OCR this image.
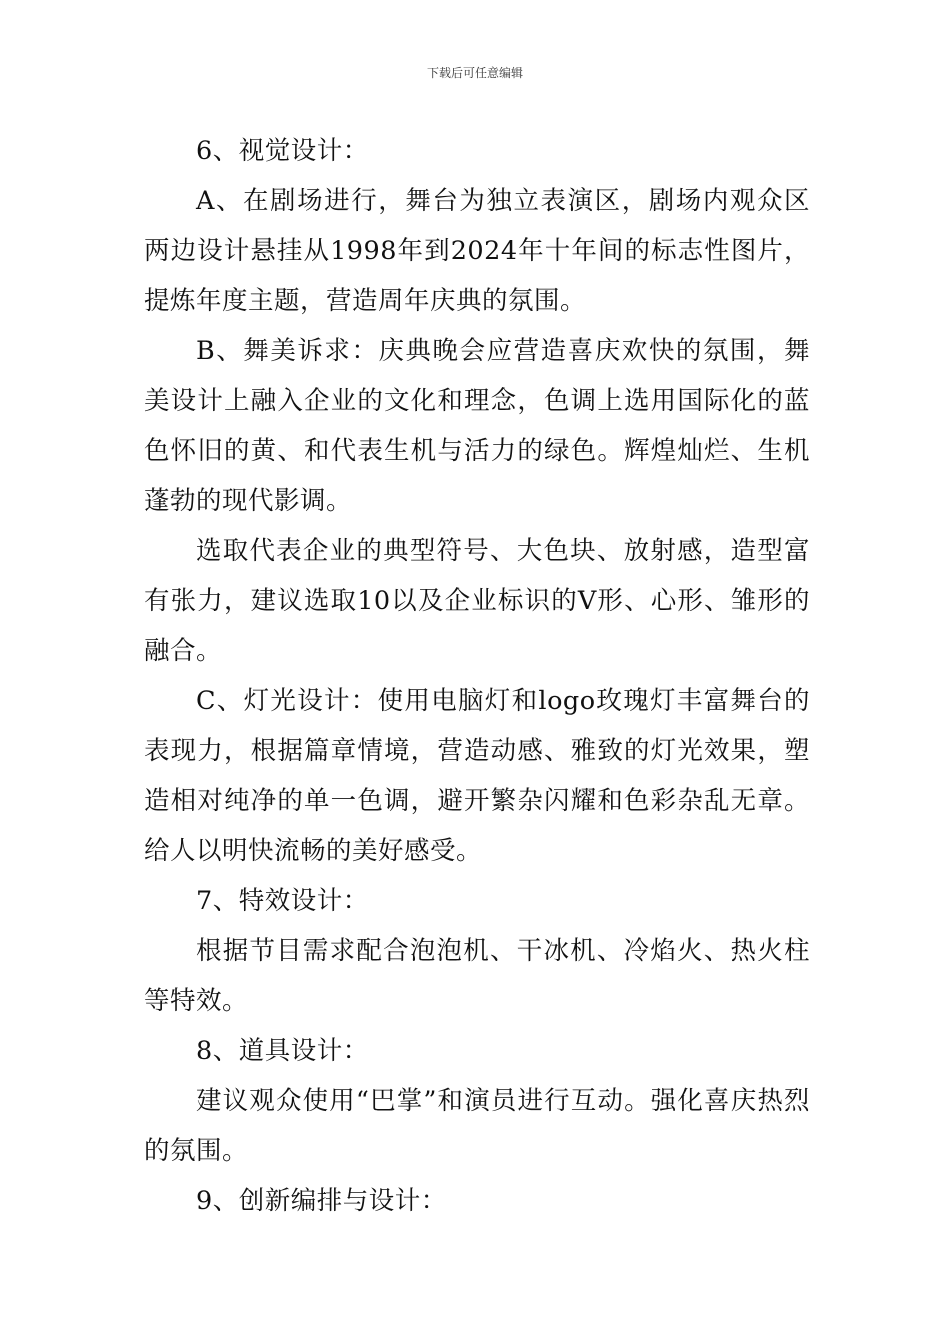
下载后可任意编辑

6、视觉设计：

A、在剧场进行，舞台为独立表演区，剧场内观众区两边设计悬挂从1998年到2024年十年间的标志性图片，提炼年度主题，营造周年庆典的氛围。

B、舞美诉求：庆典晚会应营造喜庆欢快的氛围，舞美设计上融入企业的文化和理念，色调上选用国际化的蓝色怀旧的黄、和代表生机与活力的绿色。辉煌灿烂、生机蓬勃的现代影调。

选取代表企业的典型符号、大色块、放射感，造型富有张力，建议选取10以及企业标识的V形、心形、雏形的融合。

C、灯光设计：使用电脑灯和logo玫瑰灯丰富舞台的表现力，根据篇章情境，营造动感、雅致的灯光效果，塑造相对纯净的单一色调，避开繁杂闪耀和色彩杂乱无章。给人以明快流畅的美好感受。

7、特效设计：

根据节目需求配合泡泡机、干冰机、冷焰火、热火柱等特效。

8、道具设计：

建议观众使用“巴掌”和演员进行互动。强化喜庆热烈的氛围。

9、创新编排与设计：
